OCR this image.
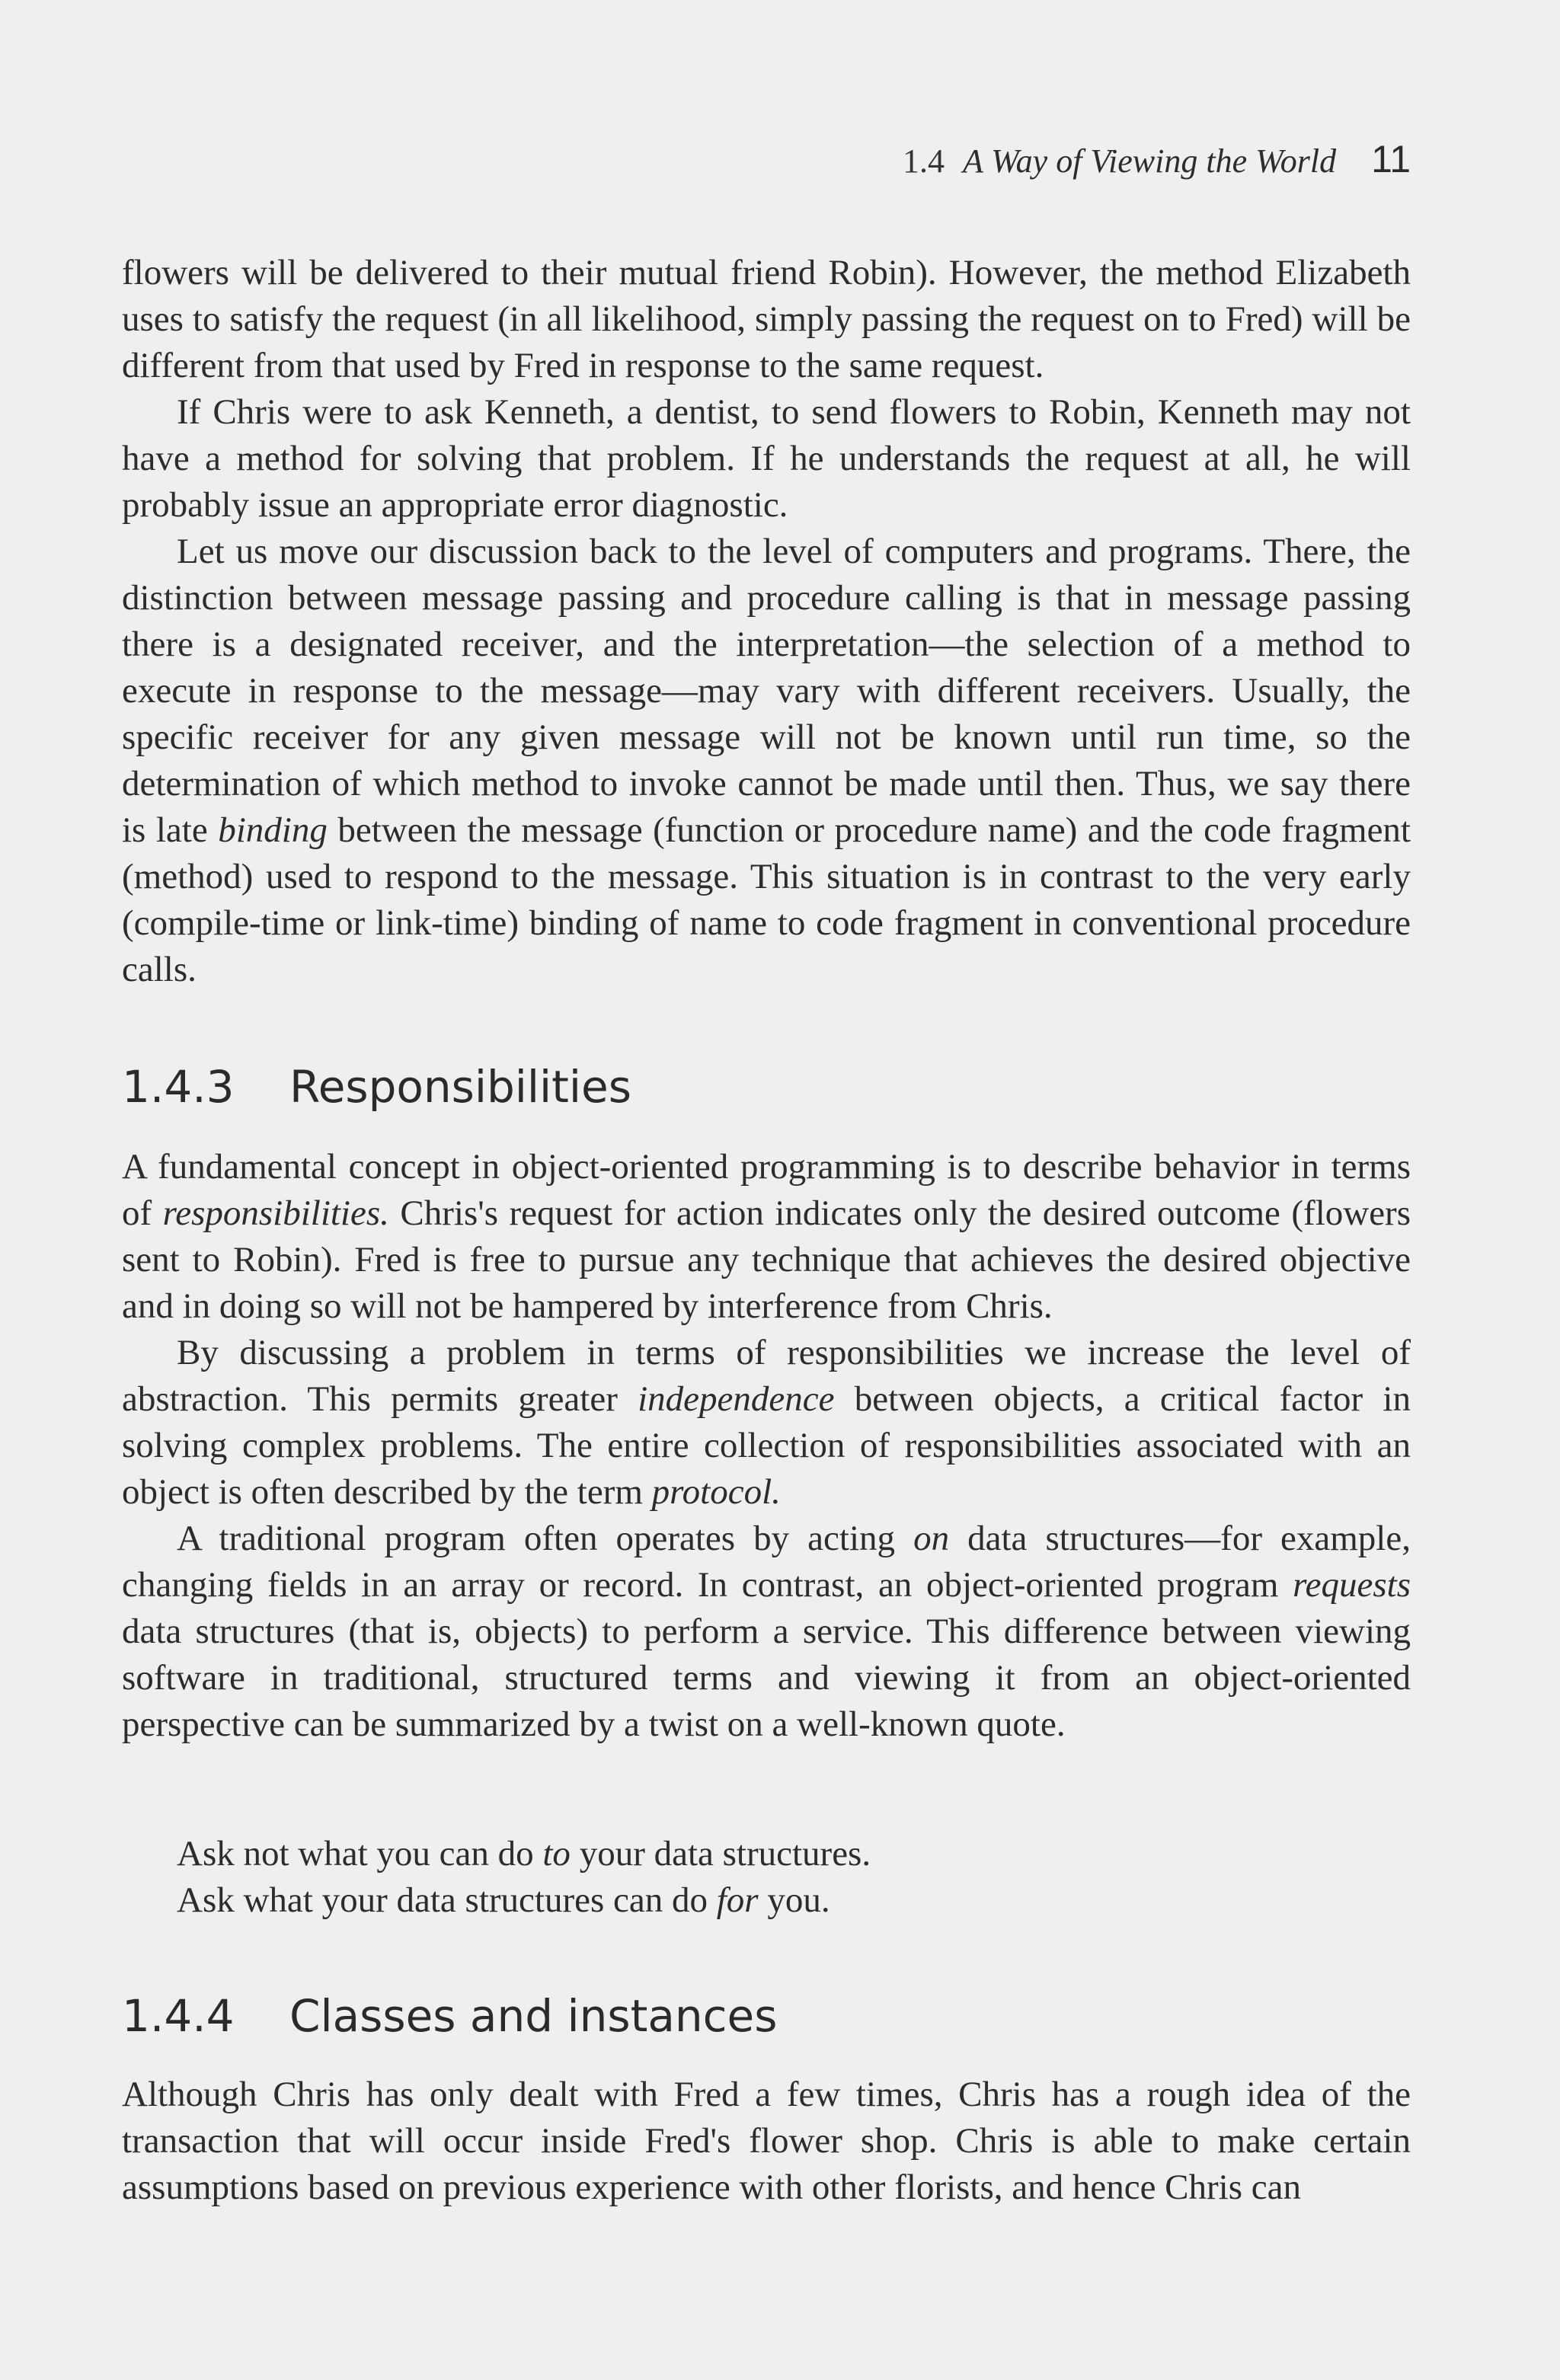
1.4 A Way of Viewing the World 11

flowers will be delivered to their mutual friend Robin). However, the method Elizabeth uses to satisfy the request (in all likelihood, simply passing the request on to Fred) will be different from that used by Fred in response to the same request.

If Chris were to ask Kenneth, a dentist, to send flowers to Robin, Kenneth may not have a method for solving that problem. If he understands the request at all, he will probably issue an appropriate error diagnostic.

Let us move our discussion back to the level of computers and programs. There, the distinction between message passing and procedure calling is that in message passing there is a designated receiver, and the interpretation—the selection of a method to execute in response to the message—may vary with different receivers. Usually, the specific receiver for any given message will not be known until run time, so the determination of which method to invoke cannot be made until then. Thus, we say there is late binding between the message (function or procedure name) and the code fragment (method) used to respond to the message. This situation is in contrast to the very early (compile-time or link-time) binding of name to code fragment in conventional procedure calls.

1.4.3 Responsibilities

A fundamental concept in object-oriented programming is to describe behavior in terms of responsibilities. Chris's request for action indicates only the desired outcome (flowers sent to Robin). Fred is free to pursue any technique that achieves the desired objective and in doing so will not be hampered by interference from Chris.

By discussing a problem in terms of responsibilities we increase the level of abstraction. This permits greater independence between objects, a critical factor in solving complex problems. The entire collection of responsibilities associated with an object is often described by the term protocol.

A traditional program often operates by acting on data structures—for example, changing fields in an array or record. In contrast, an object-oriented program requests data structures (that is, objects) to perform a service. This difference between viewing software in traditional, structured terms and viewing it from an object-oriented perspective can be summarized by a twist on a well-known quote.

Ask not what you can do to your data structures.

Ask what your data structures can do for you.

1.4.4 Classes and instances

Although Chris has only dealt with Fred a few times, Chris has a rough idea of the transaction that will occur inside Fred's flower shop. Chris is able to make certain assumptions based on previous experience with other florists, and hence Chris can
